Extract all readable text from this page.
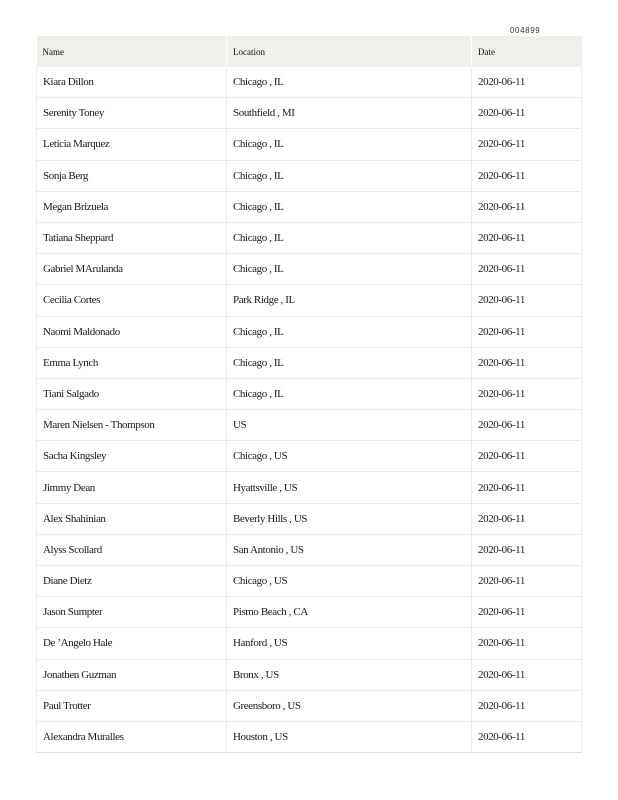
004899
Name	Location	Date
Kiara Dillon	Chicago , IL	2020-06-11
Serenity Toney	Southfield , MI	2020-06-11
Leticia Marquez	Chicago , IL	2020-06-11
Sonja Berg	Chicago , IL	2020-06-11
Megan Brizuela	Chicago , IL	2020-06-11
Tatiana Sheppard	Chicago , IL	2020-06-11
Gabriel MArulanda	Chicago , IL	2020-06-11
Cecilia Cortes	Park Ridge , IL	2020-06-11
Naomi Maldonado	Chicago , IL	2020-06-11
Emma Lynch	Chicago , IL	2020-06-11
Tiani Salgado	Chicago , IL	2020-06-11
Maren Nielsen - Thompson	US	2020-06-11
Sacha Kingsley	Chicago , US	2020-06-11
Jimmy Dean	Hyattsville , US	2020-06-11
Alex Shahinian	Beverly Hills , US	2020-06-11
Alyss Scollard	San Antonio , US	2020-06-11
Diane Dietz	Chicago , US	2020-06-11
Jason Sumpter	Pismo Beach , CA	2020-06-11
De ’Angelo Hale	Hanford , US	2020-06-11
Jonathen Guzman	Bronx , US	2020-06-11
Paul Trotter	Greensboro , US	2020-06-11
Alexandra Muralles	Houston , US	2020-06-11
